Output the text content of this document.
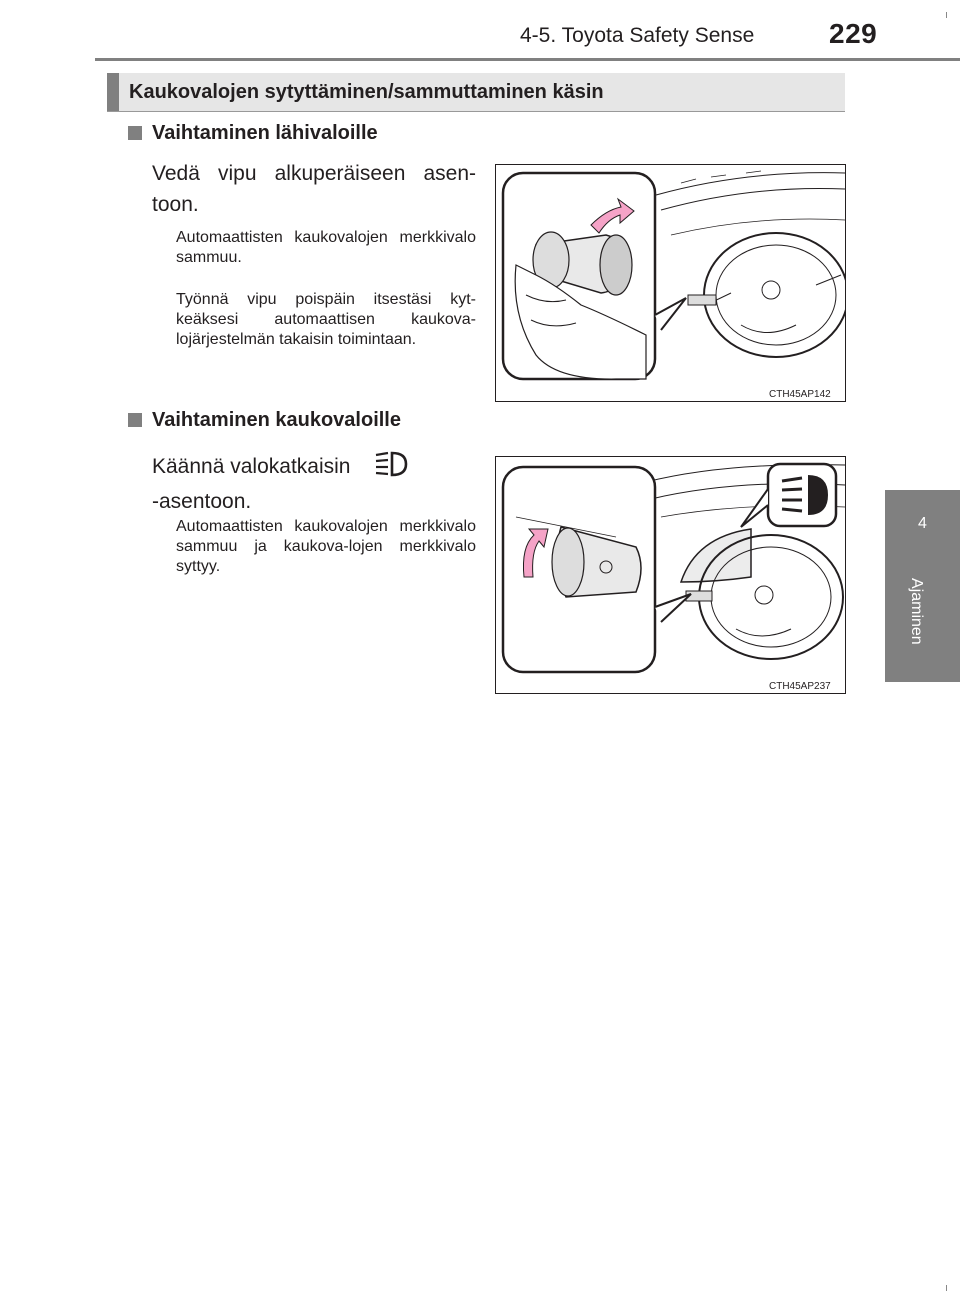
4-5. Toyota Safety Sense	229
4
Ajaminen
Kaukovalojen sytyttäminen/sammuttaminen käsin
Vaihtaminen lähivaloille
Vedä vipu alkuperäiseen asen-toon.
Automaattisten kaukovalojen merkkivalo sammuu.
Työnnä vipu poispäin itsestäsi kyt-keäksesi automaattisen kaukova-lojärjestelmän takaisin toimintaan.
CTH45AP142
Vaihtaminen kaukovaloille
Käännä valokatkaisin
-asentoon.
Automaattisten kaukovalojen merkkivalo sammuu ja kaukova-lojen merkkivalo syttyy.
CTH45AP237
